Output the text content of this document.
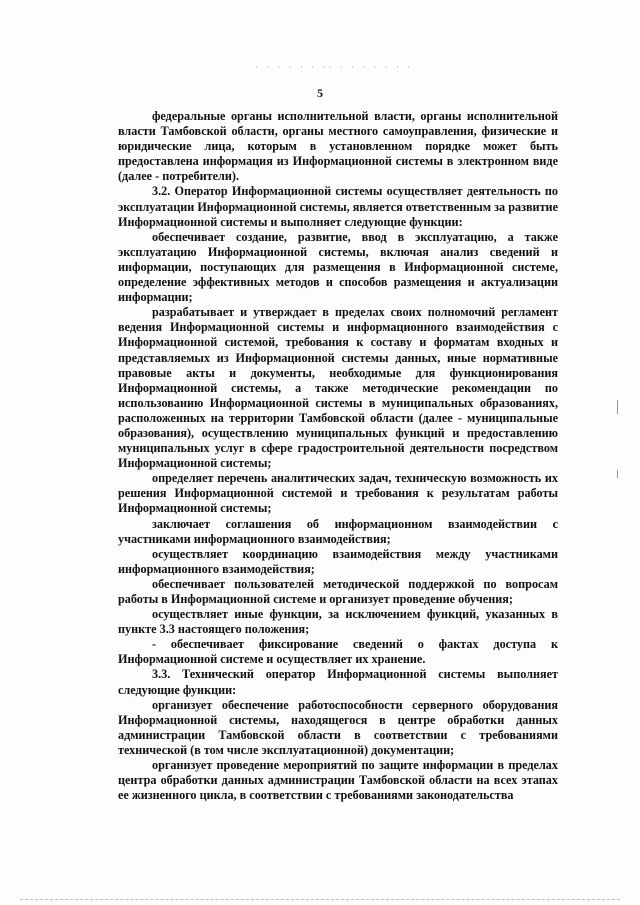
· · · · · · ·· · · · · · · ·
5

федеральные органы исполнительной власти, органы исполнительной власти Тамбовской области, органы местного самоуправления, физические и юридические лица, которым в установленном порядке может быть предоставлена информация из Информационной системы в электронном виде (далее - потребители).

3.2. Оператор Информационной системы осуществляет деятельность по эксплуатации Информационной системы, является ответственным за развитие Информационной системы и выполняет следующие функции:

обеспечивает создание, развитие, ввод в эксплуатацию, а также эксплуатацию Информационной системы, включая анализ сведений и информации, поступающих для размещения в Информационной системе, определение эффективных методов и способов размещения и актуализации информации;

разрабатывает и утверждает в пределах своих полномочий регламент ведения Информационной системы и информационного взаимодействия с Информационной системой, требования к составу и форматам входных и представляемых из Информационной системы данных, иные нормативные правовые акты и документы, необходимые для функционирования Информационной системы, а также методические рекомендации по использованию Информационной системы в муниципальных образованиях, расположенных на территории Тамбовской области (далее - муниципальные образования), осуществлению муниципальных функций и предоставлению муниципальных услуг в сфере градостроительной деятельности посредством Информационной системы;

определяет перечень аналитических задач, техническую возможность их решения Информационной системой и требования к результатам работы Информационной системы;

заключает соглашения об информационном взаимодействии с участниками информационного взаимодействия;

осуществляет координацию взаимодействия между участниками информационного взаимодействия;

обеспечивает пользователей методической поддержкой по вопросам работы в Информационной системе и организует проведение обучения;

осуществляет иные функции, за исключением функций, указанных в пункте 3.3 настоящего положения;

- обеспечивает фиксирование сведений о фактах доступа к Информационной системе и осуществляет их хранение.

3.3. Технический оператор Информационной системы выполняет следующие функции:

организует обеспечение работоспособности серверного оборудования Информационной системы, находящегося в центре обработки данных администрации Тамбовской области в соответствии с требованиями технической (в том числе эксплуатационной) документации;

организует проведение мероприятий по защите информации в пределах центра обработки данных администрации Тамбовской области на всех этапах ее жизненного цикла, в соответствии с требованиями законодательства
